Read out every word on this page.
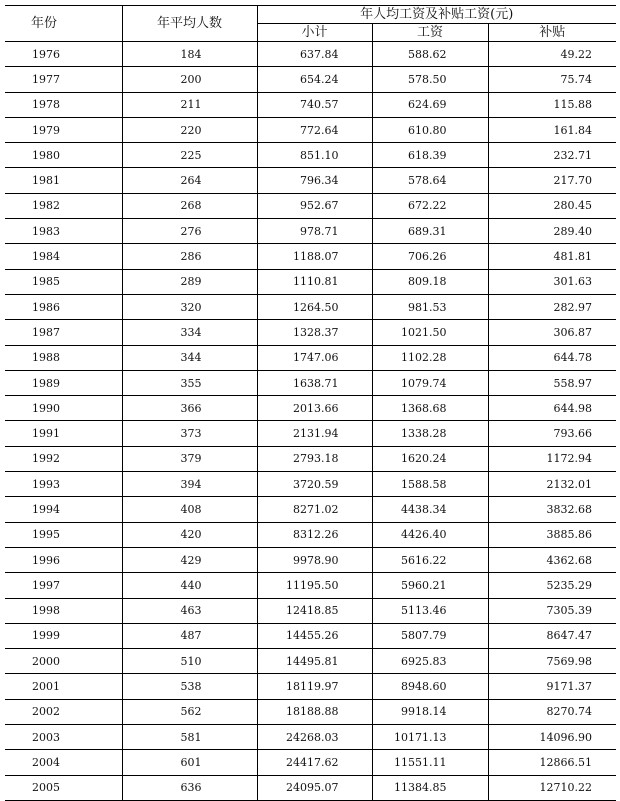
年份	年平均人数	年人均工资及补贴工资(元)		
		小计	工资	补贴
1976	184	637.84	588.62	49.22
1977	200	654.24	578.50	75.74
1978	211	740.57	624.69	115.88
1979	220	772.64	610.80	161.84
1980	225	851.10	618.39	232.71
1981	264	796.34	578.64	217.70
1982	268	952.67	672.22	280.45
1983	276	978.71	689.31	289.40
1984	286	1188.07	706.26	481.81
1985	289	1110.81	809.18	301.63
1986	320	1264.50	981.53	282.97
1987	334	1328.37	1021.50	306.87
1988	344	1747.06	1102.28	644.78
1989	355	1638.71	1079.74	558.97
1990	366	2013.66	1368.68	644.98
1991	373	2131.94	1338.28	793.66
1992	379	2793.18	1620.24	1172.94
1993	394	3720.59	1588.58	2132.01
1994	408	8271.02	4438.34	3832.68
1995	420	8312.26	4426.40	3885.86
1996	429	9978.90	5616.22	4362.68
1997	440	11195.50	5960.21	5235.29
1998	463	12418.85	5113.46	7305.39
1999	487	14455.26	5807.79	8647.47
2000	510	14495.81	6925.83	7569.98
2001	538	18119.97	8948.60	9171.37
2002	562	18188.88	9918.14	8270.74
2003	581	24268.03	10171.13	14096.90
2004	601	24417.62	11551.11	12866.51
2005	636	24095.07	11384.85	12710.22
